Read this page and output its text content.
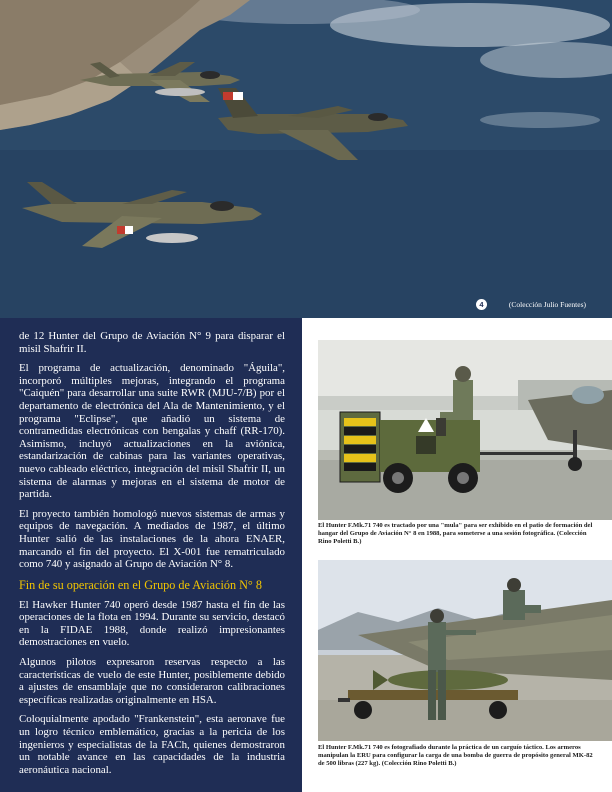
4	(Colección Julio Fuentes)

de 12 Hunter del Grupo de Aviación N° 9 para disparar el misil Shafrir II.

El programa de actualización, denominado "Águila", incorporó múltiples mejoras, integrando el programa "Caiquén" para desarrollar una suite RWR (MJU-7/B) por el departamento de electrónica del Ala de Mantenimiento, y el programa "Eclipse", que añadió un sistema de contramedidas electrónicas con bengalas y chaff (RR-170). Asimismo, incluyó actualizaciones en la aviónica, estandarización de cabinas para las variantes operativas, nuevo cableado eléctrico, integración del misil Shafrir II, un sistema de alarmas y mejoras en el sistema de motor de partida.

El proyecto también homologó nuevos sistemas de armas y equipos de navegación. A mediados de 1987, el último Hunter salió de las instalaciones de la ahora ENAER, marcando el fin del proyecto. El X-001 fue rematriculado como 740 y asignado al Grupo de Aviación N° 8.

Fin de su operación en el Grupo de Aviación N° 8

El Hawker Hunter 740 operó desde 1987 hasta el fin de las operaciones de la flota en 1994. Durante su servicio, destacó en la FIDAE 1988, donde realizó impresionantes demostraciones en vuelo.

Algunos pilotos expresaron reservas respecto a las características de vuelo de este Hunter, posiblemente debido a ajustes de ensamblaje que no consideraron calibraciones específicas realizadas originalmente en HSA.

Coloquialmente apodado "Frankenstein", esta aeronave fue un logro técnico emblemático, gracias a la pericia de los ingenieros y especialistas de la FACh, quienes demostraron un notable avance en las capacidades de la industria aeronáutica nacional.

El Hunter F.Mk.71 740 es tractado por una "mula" para ser exhibido en el patio de formación del hangar del Grupo de Aviación N° 8 en 1988, para someterse a una sesión fotográfica. (Colección Rino Poletti B.)
El Hunter F.Mk.71 740 es fotografiado durante la práctica de un carguío táctico. Los armeros manipulan la ERU para configurar la carga de una bomba de guerra de propósito general MK-82 de 500 libras (227 kg). (Colección Rino Poletti B.)
